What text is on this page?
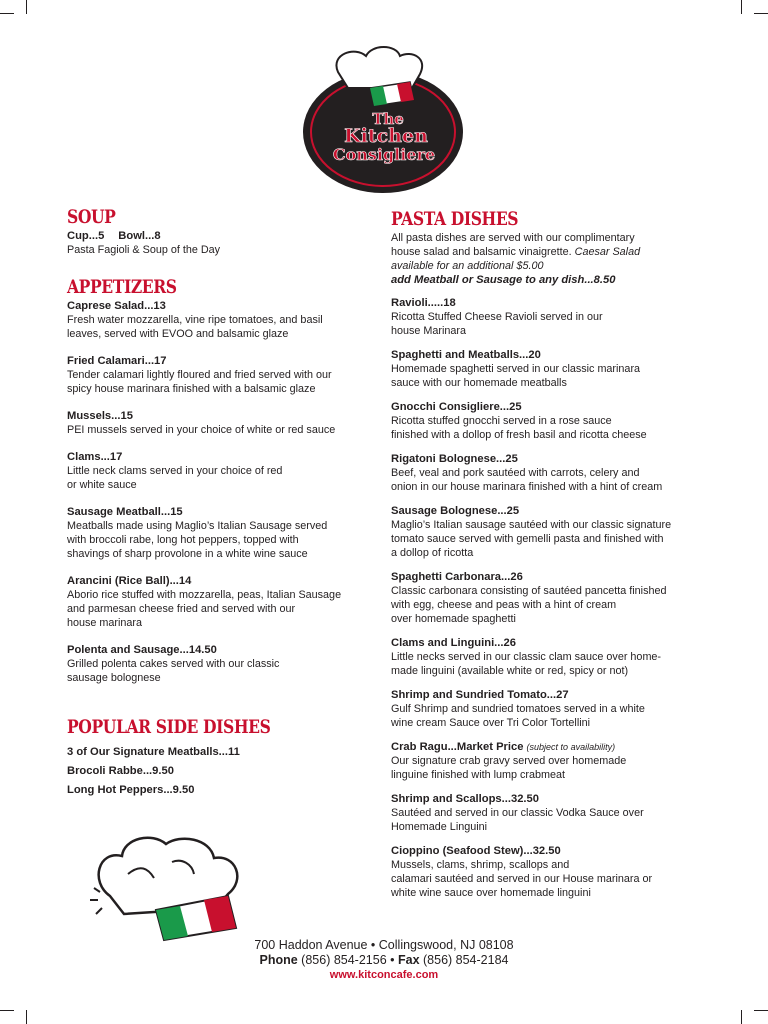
The
Kitchen
Consigliere
SOUP

Cup...5 Bowl...8

Pasta Fagioli & Soup of the Day

APPETIZERS

Caprese Salad...13

Fresh water mozzarella, vine ripe tomatoes, and basil
leaves, served with EVOO and balsamic glaze

Fried Calamari...17

Tender calamari lightly floured and fried served with our
spicy house marinara finished with a balsamic glaze

Mussels...15

PEI mussels served in your choice of white or red sauce

Clams...17

Little neck clams served in your choice of red
or white sauce

Sausage Meatball...15

Meatballs made using Maglio’s Italian Sausage served
with broccoli rabe, long hot peppers, topped with
shavings of sharp provolone in a white wine sauce

Arancini (Rice Ball)...14

Aborio rice stuffed with mozzarella, peas, Italian Sausage
and parmesan cheese fried and served with our
house marinara

Polenta and Sausage...14.50

Grilled polenta cakes served with our classic
sausage bolognese

POPULAR SIDE DISHES

3 of Our Signature Meatballs...11

Brocoli Rabbe...9.50

Long Hot Peppers...9.50

PASTA DISHES

All pasta dishes are served with our complimentary
house salad and balsamic vinaigrette. Caesar Salad
available for an additional $5.00

add Meatball or Sausage to any dish...8.50

Ravioli.....18

Ricotta Stuffed Cheese Ravioli served in our
house Marinara

Spaghetti and Meatballs...20

Homemade spaghetti served in our classic marinara
sauce with our homemade meatballs

Gnocchi Consigliere...25

Ricotta stuffed gnocchi served in a rose sauce
finished with a dollop of fresh basil and ricotta cheese

Rigatoni Bolognese...25

Beef, veal and pork sautéed with carrots, celery and
onion in our house marinara finished with a hint of cream

Sausage Bolognese...25

Maglio’s Italian sausage sautéed with our classic signature
tomato sauce served with gemelli pasta and finished with
a dollop of ricotta

Spaghetti Carbonara...26

Classic carbonara consisting of sautéed pancetta finished
with egg, cheese and peas with a hint of cream
over homemade spaghetti

Clams and Linguini...26

Little necks served in our classic clam sauce over home-
made linguini (available white or red, spicy or not)

Shrimp and Sundried Tomato...27

Gulf Shrimp and sundried tomatoes served in a white
wine cream Sauce over Tri Color Tortellini

Crab Ragu...Market Price (subject to availability)

Our signature crab gravy served over homemade
linguine finished with lump crabmeat

Shrimp and Scallops...32.50

Sautéed and served in our classic Vodka Sauce over
Homemade Linguini

Cioppino (Seafood Stew)...32.50

Mussels, clams, shrimp, scallops and
calamari sautéed and served in our House marinara or
white wine sauce over homemade linguini

700 Haddon Avenue • Collingswood, NJ 08108
Phone (856) 854-2156 • Fax (856) 854-2184
www.kitconcafe.com
